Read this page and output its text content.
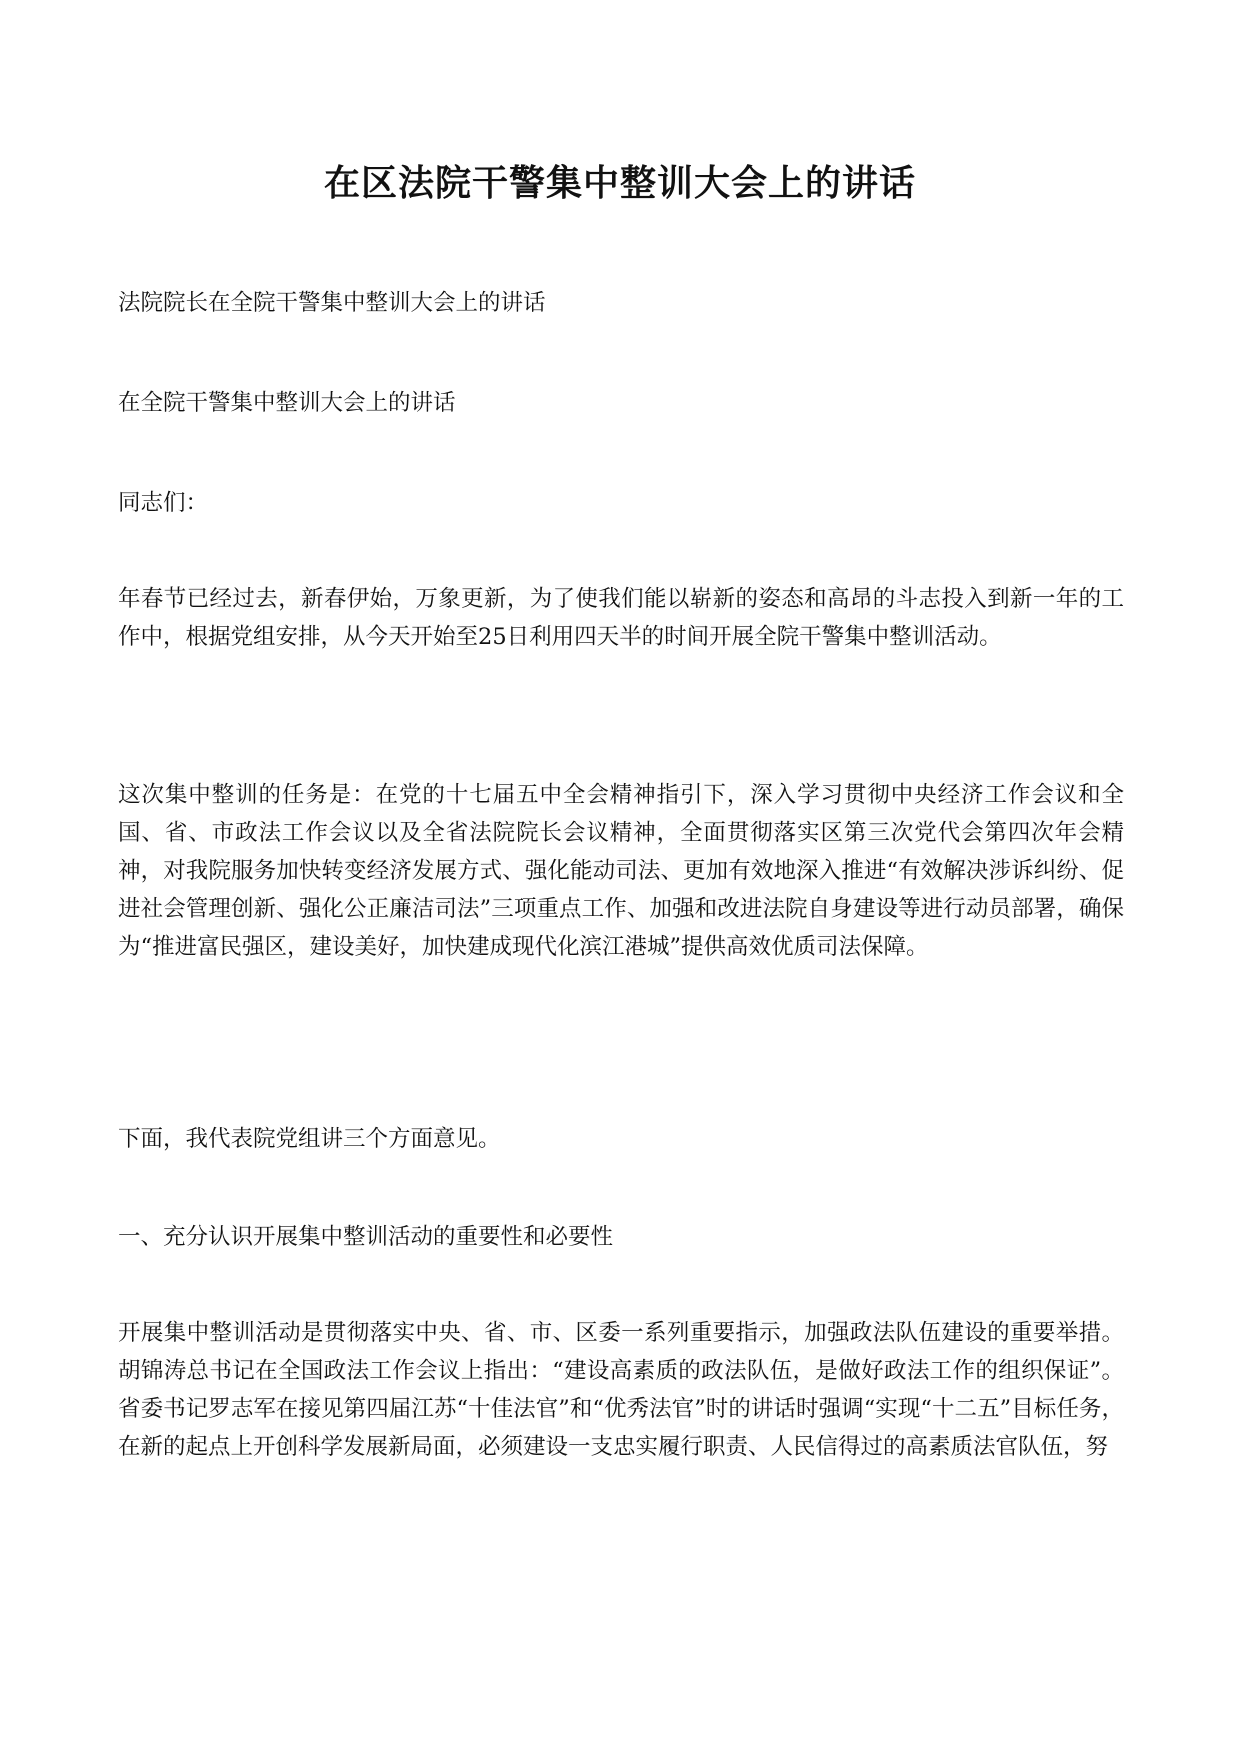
在区法院干警集中整训大会上的讲话

法院院长在全院干警集中整训大会上的讲话

在全院干警集中整训大会上的讲话

同志们：

年春节已经过去，新春伊始，万象更新，为了使我们能以崭新的姿态和高昂的斗志投入到新一年的工作中，根据党组安排，从今天开始至25日利用四天半的时间开展全院干警集中整训活动。

这次集中整训的任务是：在党的十七届五中全会精神指引下，深入学习贯彻中央经济工作会议和全国、省、市政法工作会议以及全省法院院长会议精神，全面贯彻落实区第三次党代会第四次年会精神，对我院服务加快转变经济发展方式、强化能动司法、更加有效地深入推进“有效解决涉诉纠纷、促进社会管理创新、强化公正廉洁司法”三项重点工作、加强和改进法院自身建设等进行动员部署，确保为“推进富民强区，建设美好，加快建成现代化滨江港城”提供高效优质司法保障。

下面，我代表院党组讲三个方面意见。

一、充分认识开展集中整训活动的重要性和必要性

开展集中整训活动是贯彻落实中央、省、市、区委一系列重要指示，加强政法队伍建设的重要举措。胡锦涛总书记在全国政法工作会议上指出：“建设高素质的政法队伍，是做好政法工作的组织保证”。省委书记罗志军在接见第四届江苏“十佳法官”和“优秀法官”时的讲话时强调“实现“十二五”目标任务，在新的起点上开创科学发展新局面，必须建设一支忠实履行职责、人民信得过的高素质法官队伍，努
